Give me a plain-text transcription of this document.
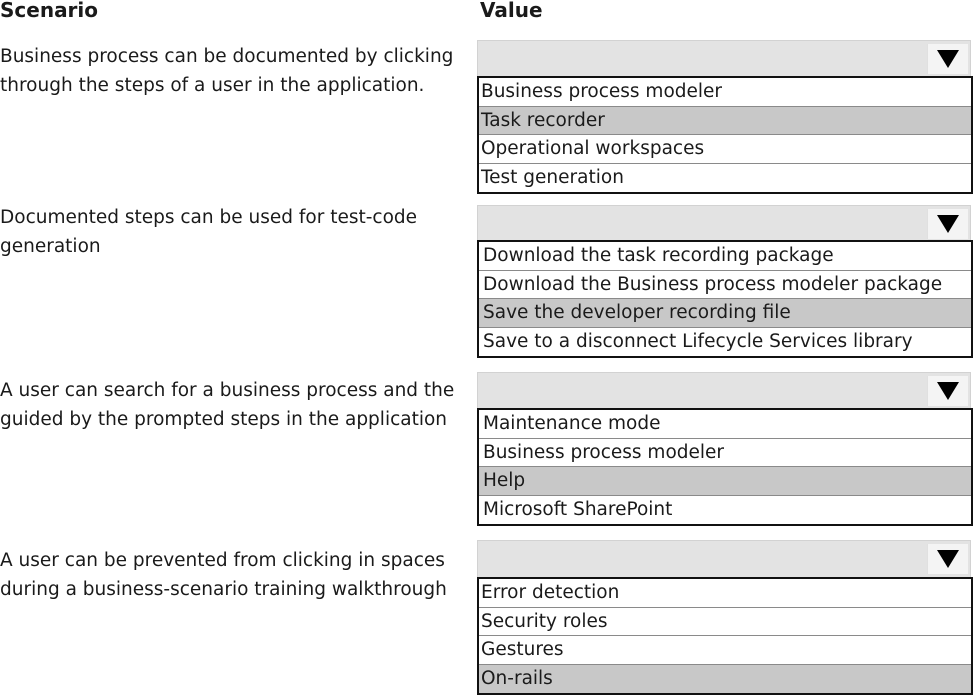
Scenario	Value
Business process can be documented by clicking
through the steps of a user in the application.	Business process modeler
Task recorder
Operational workspaces
Test generation
Documented steps can be used for test-code
generation	Download the task recording package
Download the Business process modeler package
Save the developer recording file
Save to a disconnect Lifecycle Services library
A user can search for a business process and the
guided by the prompted steps in the application	Maintenance mode
Business process modeler
Help
Microsoft SharePoint
A user can be prevented from clicking in spaces
during a business-scenario training walkthrough	Error detection
Security roles
Gestures
On-rails
